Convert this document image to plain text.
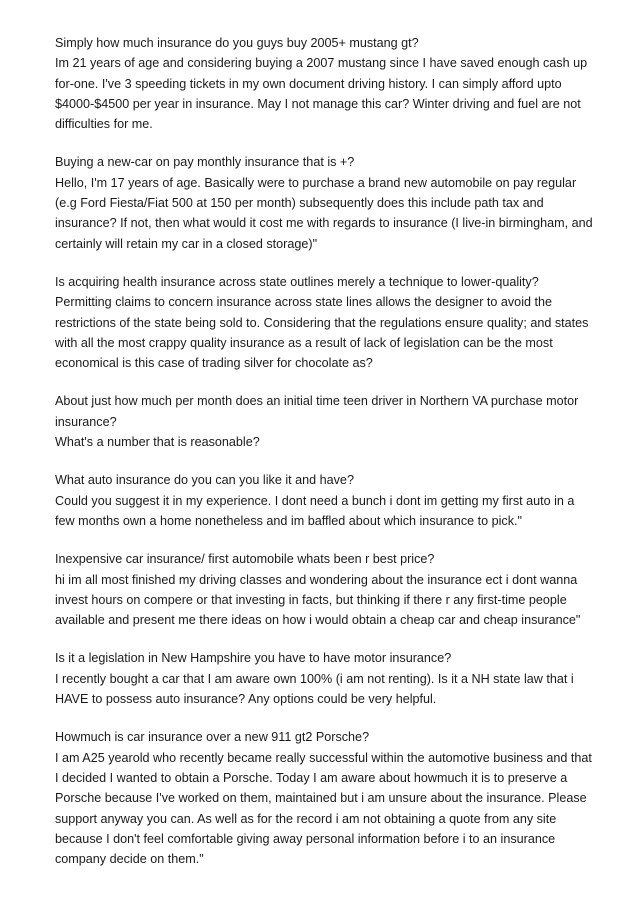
Simply how much insurance do you guys buy 2005+ mustang gt?

Im 21 years of age and considering buying a 2007 mustang since I have saved enough cash up for-one. I've 3 speeding tickets in my own document driving history. I can simply afford upto $4000-$4500 per year in insurance. May I not manage this car? Winter driving and fuel are not difficulties for me.

Buying a new-car on pay monthly insurance that is +?

Hello, I'm 17 years of age. Basically were to purchase a brand new automobile on pay regular (e.g Ford Fiesta/Fiat 500 at 150 per month) subsequently does this include path tax and insurance? If not, then what would it cost me with regards to insurance (I live-in birmingham, and certainly will retain my car in a closed storage)"

Is acquiring health insurance across state outlines merely a technique to lower-quality?

Permitting claims to concern insurance across state lines allows the designer to avoid the restrictions of the state being sold to. Considering that the regulations ensure quality; and states with all the most crappy quality insurance as a result of lack of legislation can be the most economical is this case of trading silver for chocolate as?

About just how much per month does an initial time teen driver in Northern VA purchase motor insurance?

What's a number that is reasonable?

What auto insurance do you can you like it and have?

Could you suggest it in my experience. I dont need a bunch i dont im getting my first auto in a few months own a home nonetheless and im baffled about which insurance to pick."

Inexpensive car insurance/ first automobile whats been r best price?

hi im all most finished my driving classes and wondering about the insurance ect i dont wanna invest hours on compere or that investing in facts, but thinking if there r any first-time people available and present me there ideas on how i would obtain a cheap car and cheap insurance"

Is it a legislation in New Hampshire you have to have motor insurance?

I recently bought a car that I am aware own 100% (i am not renting). Is it a NH state law that i HAVE to possess auto insurance? Any options could be very helpful.

Howmuch is car insurance over a new 911 gt2 Porsche?

I am A25 yearold who recently became really successful within the automotive business and that I decided I wanted to obtain a Porsche. Today I am aware about howmuch it is to preserve a Porsche because I've worked on them, maintained but i am unsure about the insurance. Please support anyway you can. As well as for the record i am not obtaining a quote from any site because I don't feel comfortable giving away personal information before i to an insurance company decide on them."
